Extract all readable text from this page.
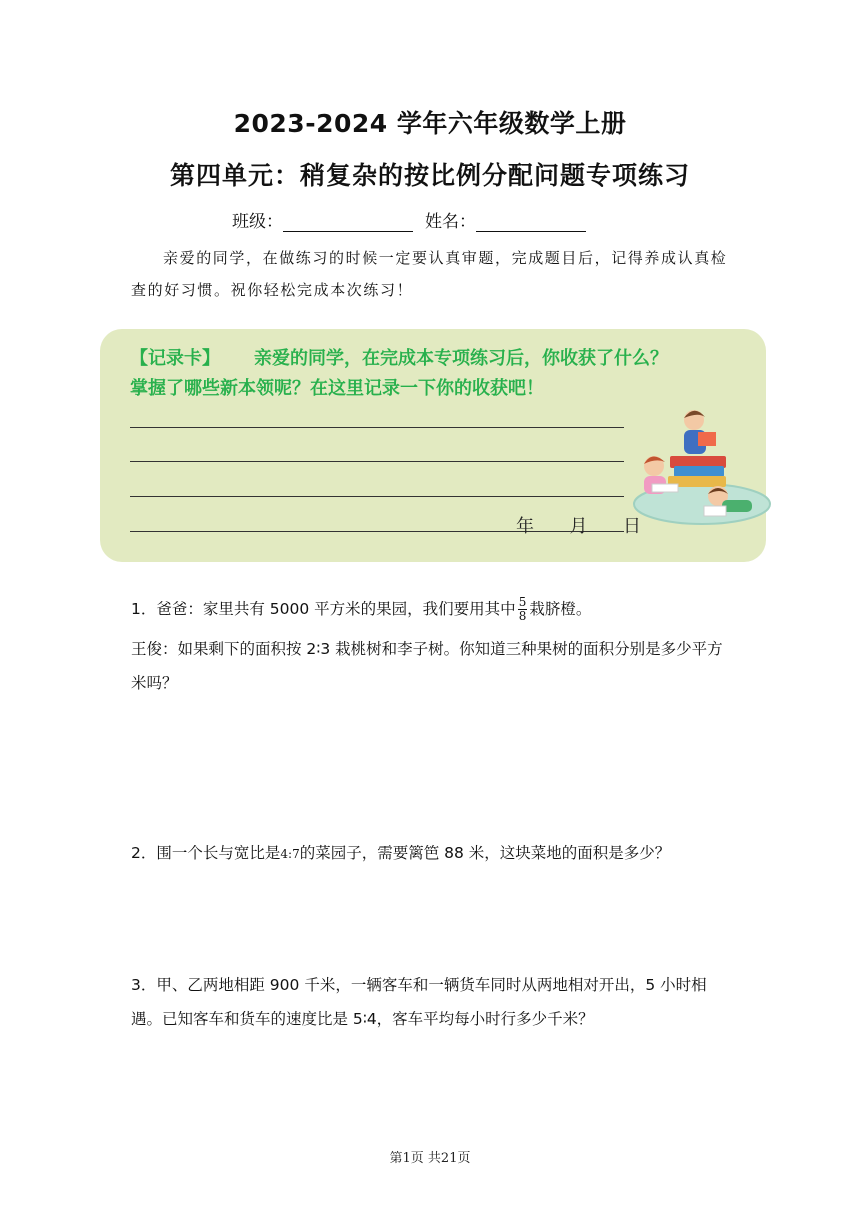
2023-2024 学年六年级数学上册
第四单元：稍复杂的按比例分配问题专项练习
班级：	姓名：
亲爱的同学，在做练习的时候一定要认真审题，完成题目后，记得养成认真检查的好习惯。祝你轻松完成本次练习！
【记录卡】 亲爱的同学，在完成本专项练习后，你收获了什么？
掌握了哪些新本领呢？在这里记录一下你的收获吧！
年 月 日
1．爸爸：家里共有 5000 平方米的果园，我们要用其中 $\frac{5}{8}$ 栽脐橙。
王俊：如果剩下的面积按 2∶3 栽桃树和李子树。你知道三种果树的面积分别是多少平方米吗？
2．围一个长与宽比是4:7的菜园子，需要篱笆 88 米，这块菜地的面积是多少？
3．甲、乙两地相距 900 千米，一辆客车和一辆货车同时从两地相对开出，5 小时相遇。已知客车和货车的速度比是 5∶4，客车平均每小时行多少千米？
第1页 共21页
